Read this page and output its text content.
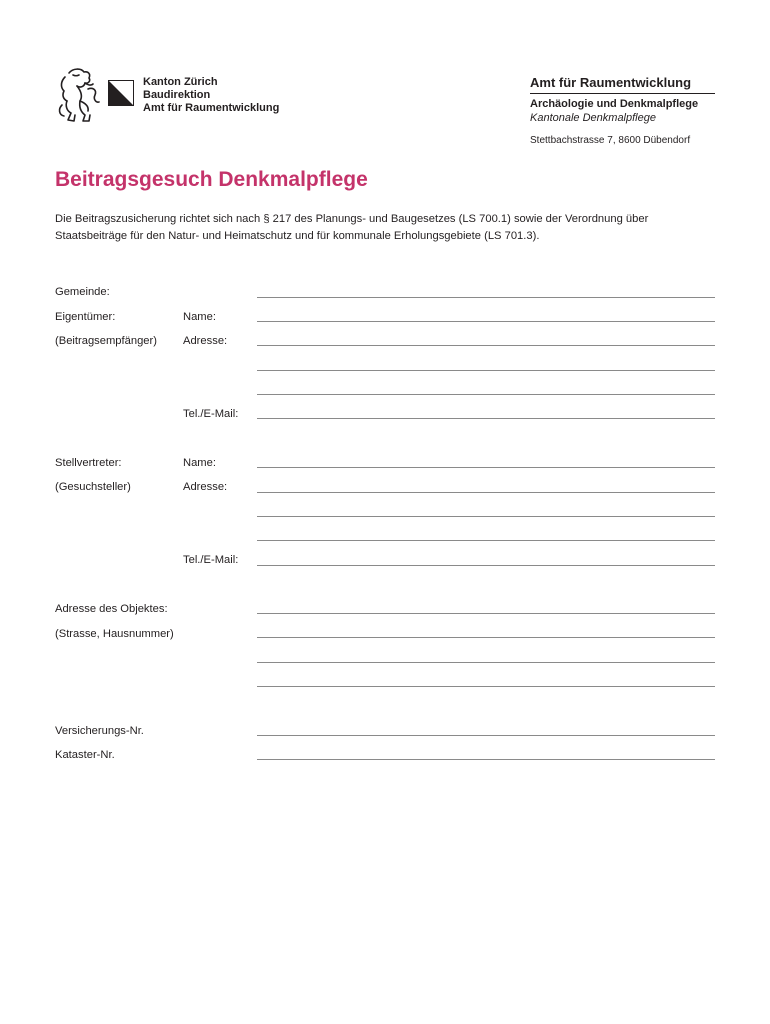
Kanton Zürich
Baudirektion
Amt für Raumentwicklung
Amt für Raumentwicklung
Archäologie und Denkmalpflege
Kantonale Denkmalpflege
Stettbachstrasse 7, 8600 Dübendorf
Beitragsgesuch Denkmalpflege
Die Beitragszusicherung richtet sich nach § 217 des Planungs- und Baugesetzes (LS 700.1) sowie der Verordnung über Staatsbeiträge für den Natur- und Heimatschutz und für kommunale Erholungsgebiete (LS 701.3).
Gemeinde:
Eigentümer:	Name:
(Beitragsempfänger) Adresse:
Tel./E-Mail:
Stellvertreter:	Name:
(Gesuchsteller)	Adresse:
Tel./E-Mail:
Adresse des Objektes:
(Strasse, Hausnummer)
Versicherungs-Nr.
Kataster-Nr.
